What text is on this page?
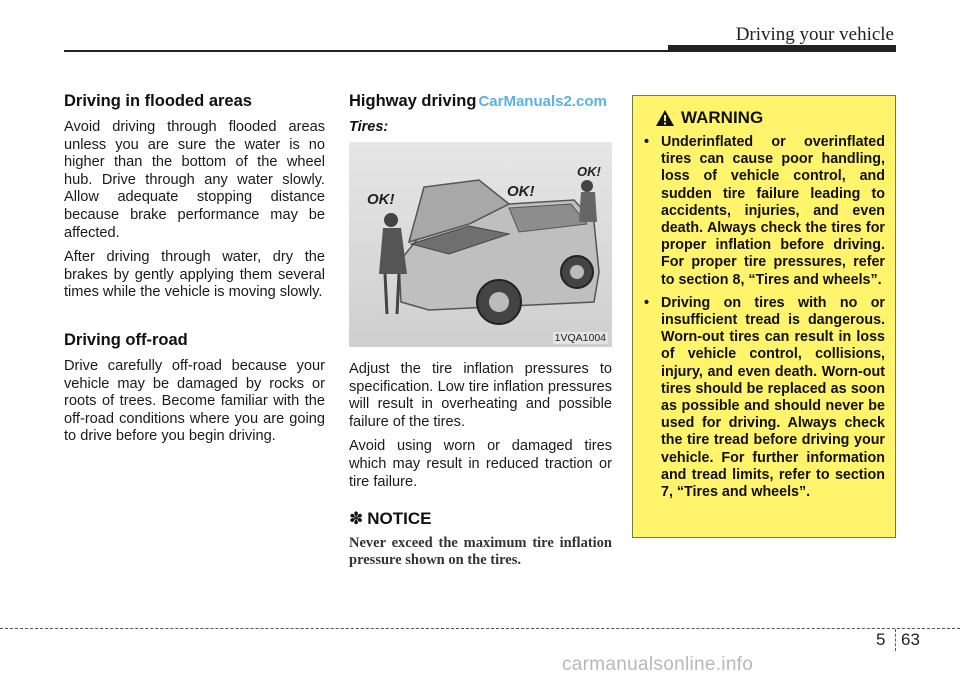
Driving your vehicle
Driving in flooded areas

Avoid driving through flooded areas unless you are sure the water is no higher than the bottom of the wheel hub. Drive through any water slowly. Allow adequate stopping distance because brake performance may be affected.

After driving through water, dry the brakes by gently applying them several times while the vehicle is moving slowly.

Driving off-road

Drive carefully off-road because your vehicle may be damaged by rocks or roots of trees. Become familiar with the off-road conditions where you are going to drive before you begin driving.

Highway driving CarManuals2.com
Tires:
OK!	OK!
OK!
1VQA1004

Adjust the tire inflation pressures to specification. Low tire inflation pressures will result in overheating and possible failure of the tires.

Avoid using worn or damaged tires which may result in reduced traction or tire failure.

✽ NOTICE

Never exceed the maximum tire inflation pressure shown on the tires.

WARNING
• Underinflated or overinflated tires can cause poor handling, loss of vehicle control, and sudden tire failure leading to accidents, injuries, and even death. Always check the tires for proper inflation before driving. For proper tire pressures, refer to section 8, “Tires and wheels”.
• Driving on tires with no or insufficient tread is dangerous. Worn-out tires can result in loss of vehicle control, collisions, injury, and even death. Worn-out tires should be replaced as soon as possible and should never be used for driving. Always check the tire tread before driving your vehicle. For further information and tread limits, refer to section 7, “Tires and wheels”.
5 63
carmanualsonline.info
